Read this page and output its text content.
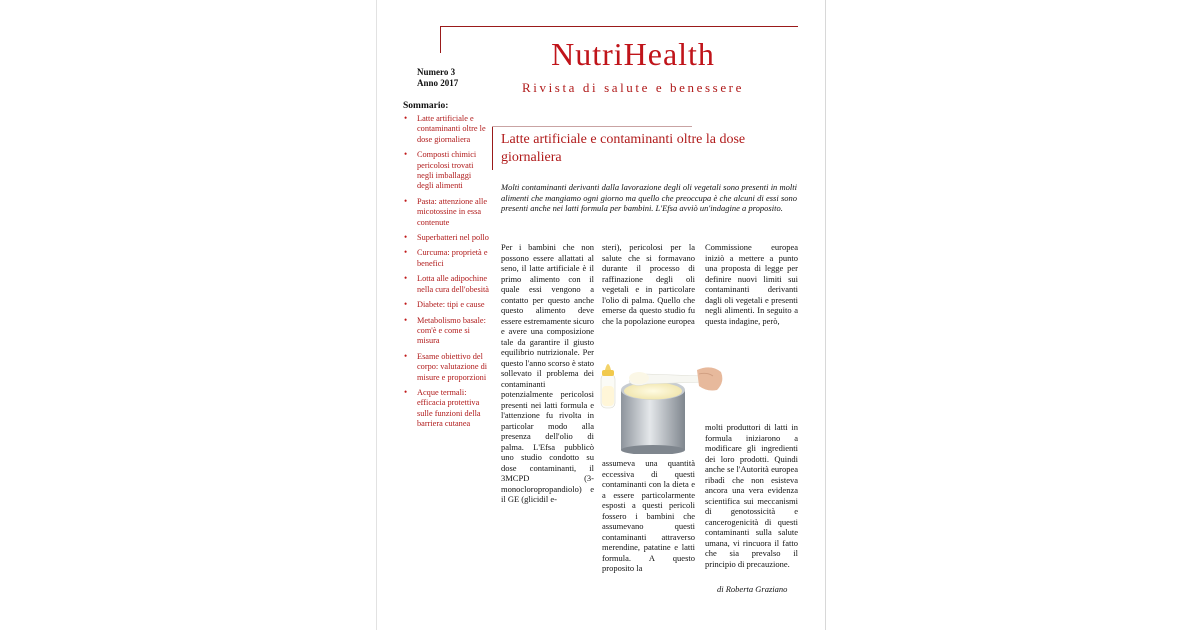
NutriHealth
Rivista di salute e benessere
Numero 3
Anno 2017
Sommario:
• Latte artificiale e contaminanti oltre le dose giornaliera
• Composti chimici pericolosi trovati negli imballaggi degli alimenti
• Pasta: attenzione alle micotossine in essa contenute
• Superbatteri nel pollo
• Curcuma: proprietà e benefici
• Lotta alle adipochine nella cura dell'obesità
• Diabete: tipi e cause
• Metabolismo basale: com'è e come si misura
• Esame obiettivo del corpo: valutazione di misure e proporzioni
• Acque termali: efficacia protettiva sulle funzioni della barriera cutanea
Latte artificiale e contaminanti oltre la dose giornaliera
Molti contaminanti derivanti dalla lavorazione degli oli vegetali sono presenti in molti alimenti che mangiamo ogni giorno ma quello che preoccupa è che alcuni di essi sono presenti anche nei latti formula per bambini. L'Efsa avviò un'indagine a proposito.

Per i bambini che non possono essere allattati al seno, il latte artificiale è il primo alimento con il quale essi vengono a contatto per questo anche questo alimento deve essere estremamente sicuro e avere una composizione tale da garantire il giusto equilibrio nutrizionale. Per questo l'anno scorso è stato sollevato il problema dei contaminanti potenzialmente pericolosi presenti nei latti formula e l'attenzione fu rivolta in particolar modo alla presenza dell'olio di palma. L'Efsa pubblicò uno studio condotto su dose contaminanti, il 3MCPD (3-monocloropropandiolo) e il GE (glicidil e-

steri), pericolosi per la salute che si formavano durante il processo di raffinazione degli oli vegetali e in particolare l'olio di palma. Quello che emerse da questo studio fu che la popolazione europea

Commissione europea iniziò a mettere a punto una proposta di legge per definire nuovi limiti sui contaminanti derivanti dagli oli vegetali e presenti negli alimenti. In seguito a questa indagine, però,

assumeva una quantità eccessiva di questi contaminanti con la dieta e a essere particolarmente esposti a questi pericoli fossero i bambini che assumevano questi contaminanti attraverso merendine, patatine e latti formula. A questo proposito la

molti produttori di latti in formula iniziarono a modificare gli ingredienti dei loro prodotti. Quindi anche se l'Autorità europea ribadì che non esisteva ancora una vera evidenza scientifica sui meccanismi di genotossicità e cancerogenicità di questi contaminanti sulla salute umana, vi rincuora il fatto che sia prevalso il principio di precauzione.

di Roberta Graziano
